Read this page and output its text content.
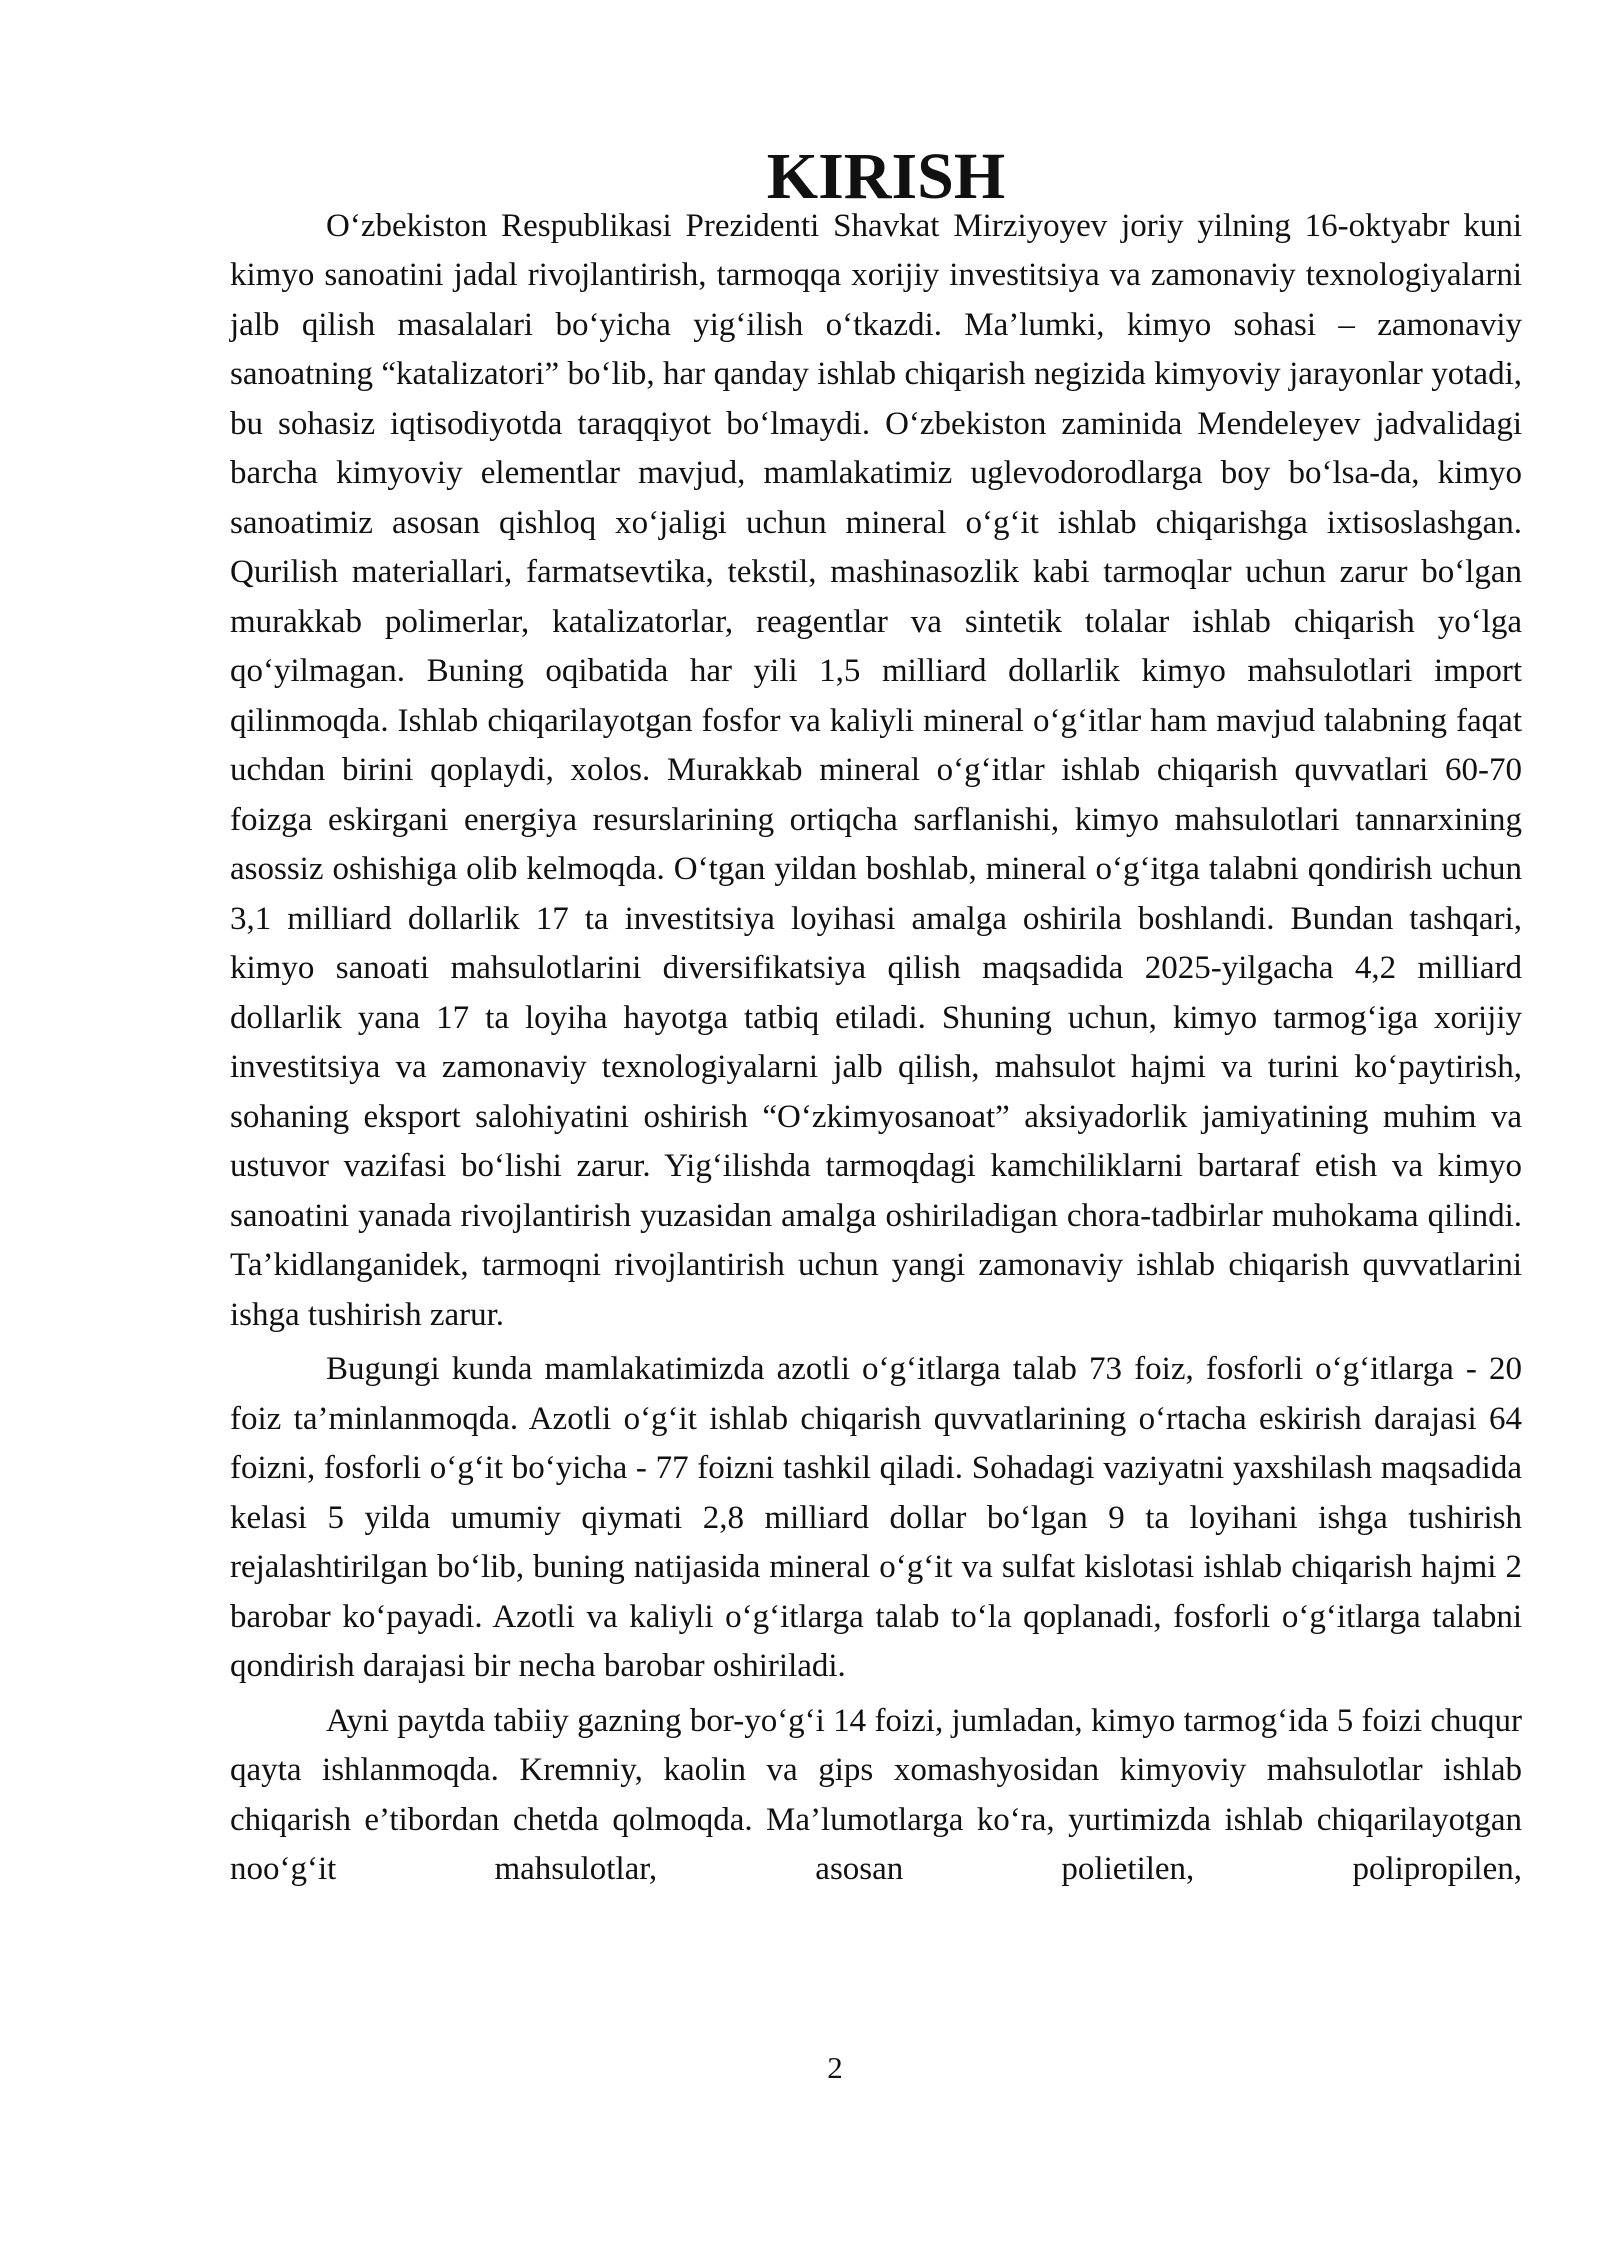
KIRISH

O‘zbekiston Respublikasi Prezidenti Shavkat Mirziyoyev joriy yilning 16-oktyabr kuni kimyo sanoatini jadal rivojlantirish, tarmoqqa xorijiy investitsiya va zamonaviy texnologiyalarni jalb qilish masalalari bo‘yicha yig‘ilish o‘tkazdi. Ma’lumki, kimyo sohasi – zamonaviy sanoatning “katalizatori” bo‘lib, har qanday ishlab chiqarish negizida kimyoviy jarayonlar yotadi, bu sohasiz iqtisodiyotda taraqqiyot bo‘lmaydi. O‘zbekiston zaminida Mendeleyev jadvalidagi barcha kimyoviy elementlar mavjud, mamlakatimiz uglevodorodlarga boy bo‘lsa-da, kimyo sanoatimiz asosan qishloq xo‘jaligi uchun mineral o‘g‘it ishlab chiqarishga ixtisoslashgan. Qurilish materiallari, farmatsevtika, tekstil, mashinasozlik kabi tarmoqlar uchun zarur bo‘lgan murakkab polimerlar, katalizatorlar, reagentlar va sintetik tolalar ishlab chiqarish yo‘lga qo‘yilmagan. Buning oqibatida har yili 1,5 milliard dollarlik kimyo mahsulotlari import qilinmoqda. Ishlab chiqarilayotgan fosfor va kaliyli mineral o‘g‘itlar ham mavjud talabning faqat uchdan birini qoplaydi, xolos. Murakkab mineral o‘g‘itlar ishlab chiqarish quvvatlari 60-70 foizga eskirgani energiya resurslarining ortiqcha sarflanishi, kimyo mahsulotlari tannarxining asossiz oshishiga olib kelmoqda. O‘tgan yildan boshlab, mineral o‘g‘itga talabni qondirish uchun 3,1 milliard dollarlik 17 ta investitsiya loyihasi amalga oshirila boshlandi. Bundan tashqari, kimyo sanoati mahsulotlarini diversifikatsiya qilish maqsadida 2025-yilgacha 4,2 milliard dollarlik yana 17 ta loyiha hayotga tatbiq etiladi. Shuning uchun, kimyo tarmog‘iga xorijiy investitsiya va zamonaviy texnologiyalarni jalb qilish, mahsulot hajmi va turini ko‘paytirish, sohaning eksport salohiyatini oshirish “O‘zkimyosanoat” aksiyadorlik jamiyatining muhim va ustuvor vazifasi bo‘lishi zarur. Yig‘ilishda tarmoqdagi kamchiliklarni bartaraf etish va kimyo sanoatini yanada rivojlantirish yuzasidan amalga oshiriladigan chora-tadbirlar muhokama qilindi. Ta’kidlanganidek, tarmoqni rivojlantirish uchun yangi zamonaviy ishlab chiqarish quvvatlarini ishga tushirish zarur.

Bugungi kunda mamlakatimizda azotli o‘g‘itlarga talab 73 foiz, fosforli o‘g‘itlarga - 20 foiz ta’minlanmoqda. Azotli o‘g‘it ishlab chiqarish quvvatlarining o‘rtacha eskirish darajasi 64 foizni, fosforli o‘g‘it bo‘yicha - 77 foizni tashkil qiladi. Sohadagi vaziyatni yaxshilash maqsadida kelasi 5 yilda umumiy qiymati 2,8 milliard dollar bo‘lgan 9 ta loyihani ishga tushirish rejalashtirilgan bo‘lib, buning natijasida mineral o‘g‘it va sulfat kislotasi ishlab chiqarish hajmi 2 barobar ko‘payadi. Azotli va kaliyli o‘g‘itlarga talab to‘la qoplanadi, fosforli o‘g‘itlarga talabni qondirish darajasi bir necha barobar oshiriladi.

Ayni paytda tabiiy gazning bor-yo‘g‘i 14 foizi, jumladan, kimyo tarmog‘ida 5 foizi chuqur qayta ishlanmoqda. Kremniy, kaolin va gips xomashyosidan kimyoviy mahsulotlar ishlab chiqarish e’tibordan chetda qolmoqda. Ma’lumotlarga ko‘ra, yurtimizda ishlab chiqarilayotgan noo‘g‘it mahsulotlar, asosan polietilen, polipropilen,

2
